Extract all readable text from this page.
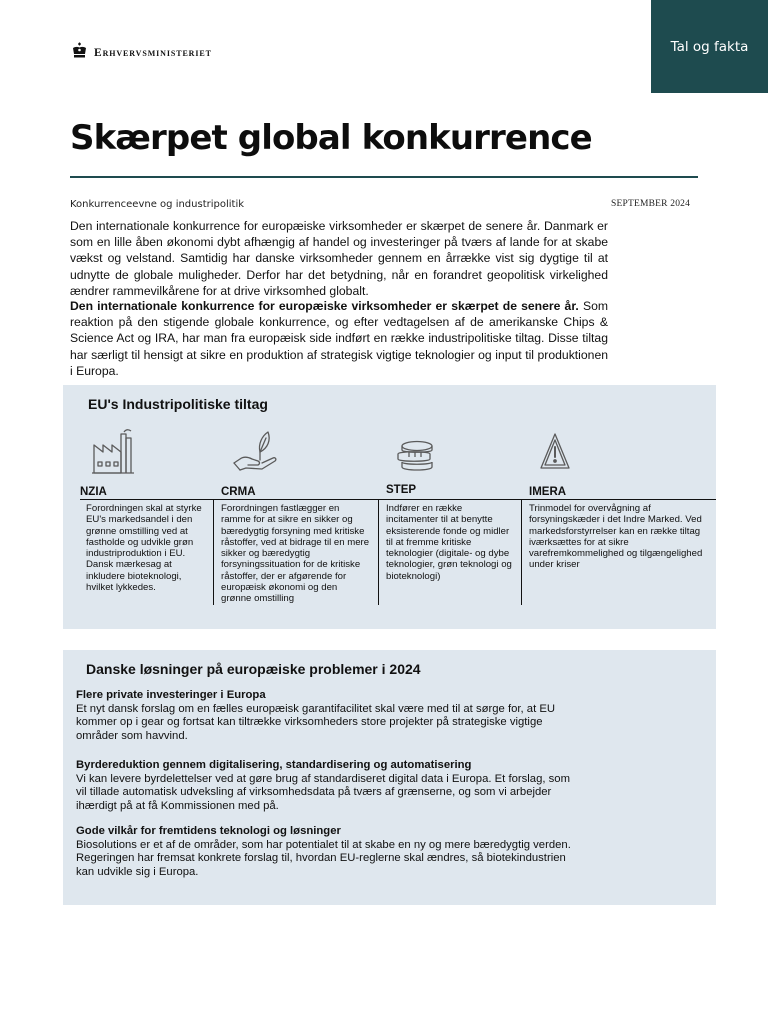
Tal og fakta
Erhvervsministeriet
Skærpet global konkurrence
Konkurrenceevne og industripolitik	SEPTEMBER 2024

Den internationale konkurrence for europæiske virksomheder er skærpet de senere år. Danmark er som en lille åben økonomi dybt afhængig af handel og investeringer på tværs af lande for at skabe vækst og velstand. Samtidig har danske virksomheder gennem en årrække vist sig dygtige til at udnytte de globale muligheder. Derfor har det betydning, når en forandret geopolitisk virkelighed ændrer rammevilkårene for at drive virksomhed globalt.

Den internationale konkurrence for europæiske virksomheder er skærpet de senere år. Som reaktion på den stigende globale konkurrence, og efter vedtagelsen af de amerikanske Chips & Science Act og IRA, har man fra europæisk side indført en række industripolitiske tiltag. Disse tiltag har særligt til hensigt at sikre en produktion af strategisk vigtige teknologier og input til produktionen i Europa.

EU's Industripolitiske tiltag
NZIA
Forordningen skal at styrke EU's markedsandel i den grønne omstilling ved at fastholde og udvikle grøn industriproduktion i EU. Dansk mærkesag at inkludere bioteknologi, hvilket lykkedes.
CRMA
Forordningen fastlægger en ramme for at sikre en sikker og bæredygtig forsyning med kritiske råstoffer, ved at bidrage til en mere sikker og bæredygtig forsyningssituation for de kritiske råstoffer, der er afgørende for europæisk økonomi og den grønne omstilling
STEP
Indfører en række incitamenter til at benytte eksisterende fonde og midler til at fremme kritiske teknologier (digitale- og dybe teknologier, grøn teknologi og bioteknologi)
IMERA
Trinmodel for overvågning af forsyningskæder i det Indre Marked. Ved markedsforstyrrelser kan en række tiltag iværksættes for at sikre varefremkommelighed og tilgængelighed under kriser
Danske løsninger på europæiske problemer i 2024
Flere private investeringer i Europa
Et nyt dansk forslag om en fælles europæisk garantifacilitet skal være med til at sørge for, at EU kommer op i gear og fortsat kan tiltrække virksomheders store projekter på strategiske vigtige områder som havvind.
Byrdereduktion gennem digitalisering, standardisering og automatisering
Vi kan levere byrdelettelser ved at gøre brug af standardiseret digital data i Europa. Et forslag, som vil tillade automatisk udveksling af virksomhedsdata på tværs af grænserne, og som vi arbejder ihærdigt på at få Kommissionen med på.
Gode vilkår for fremtidens teknologi og løsninger
Biosolutions er et af de områder, som har potentialet til at skabe en ny og mere bæredygtig verden. Regeringen har fremsat konkrete forslag til, hvordan EU-reglerne skal ændres, så biotekindustrien kan udvikle sig i Europa.
